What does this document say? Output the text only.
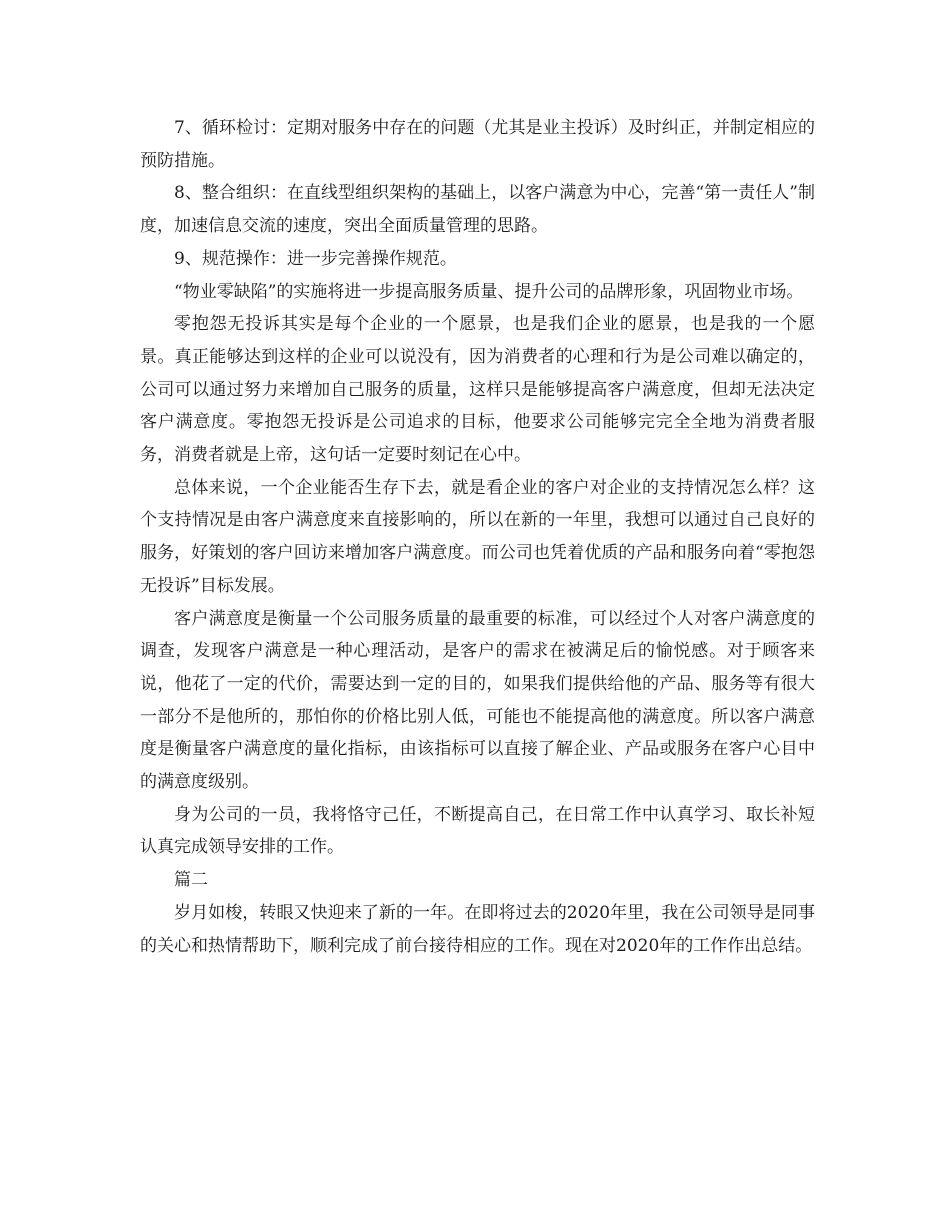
7、循环检讨：定期对服务中存在的问题（尤其是业主投诉）及时纠正，并制定相应的预防措施。

8、整合组织：在直线型组织架构的基础上，以客户满意为中心，完善“第一责任人”制度，加速信息交流的速度，突出全面质量管理的思路。

9、规范操作：进一步完善操作规范。

“物业零缺陷”的实施将进一步提高服务质量、提升公司的品牌形象，巩固物业市场。

零抱怨无投诉其实是每个企业的一个愿景，也是我们企业的愿景，也是我的一个愿景。真正能够达到这样的企业可以说没有，因为消费者的心理和行为是公司难以确定的，公司可以通过努力来增加自己服务的质量，这样只是能够提高客户满意度，但却无法决定客户满意度。零抱怨无投诉是公司追求的目标，他要求公司能够完完全全地为消费者服务，消费者就是上帝，这句话一定要时刻记在心中。

总体来说，一个企业能否生存下去，就是看企业的客户对企业的支持情况怎么样？这个支持情况是由客户满意度来直接影响的，所以在新的一年里，我想可以通过自己良好的服务，好策划的客户回访来增加客户满意度。而公司也凭着优质的产品和服务向着“零抱怨无投诉”目标发展。

客户满意度是衡量一个公司服务质量的最重要的标准，可以经过个人对客户满意度的调查，发现客户满意是一种心理活动，是客户的需求在被满足后的愉悦感。对于顾客来说，他花了一定的代价，需要达到一定的目的，如果我们提供给他的产品、服务等有很大一部分不是他所的，那怕你的价格比别人低，可能也不能提高他的满意度。所以客户满意度是衡量客户满意度的量化指标，由该指标可以直接了解企业、产品或服务在客户心目中的满意度级别。

身为公司的一员，我将恪守己任，不断提高自己，在日常工作中认真学习、取长补短认真完成领导安排的工作。

篇二

岁月如梭，转眼又快迎来了新的一年。在即将过去的2020年里，我在公司领导是同事的关心和热情帮助下，顺利完成了前台接待相应的工作。现在对2020年的工作作出总结。
